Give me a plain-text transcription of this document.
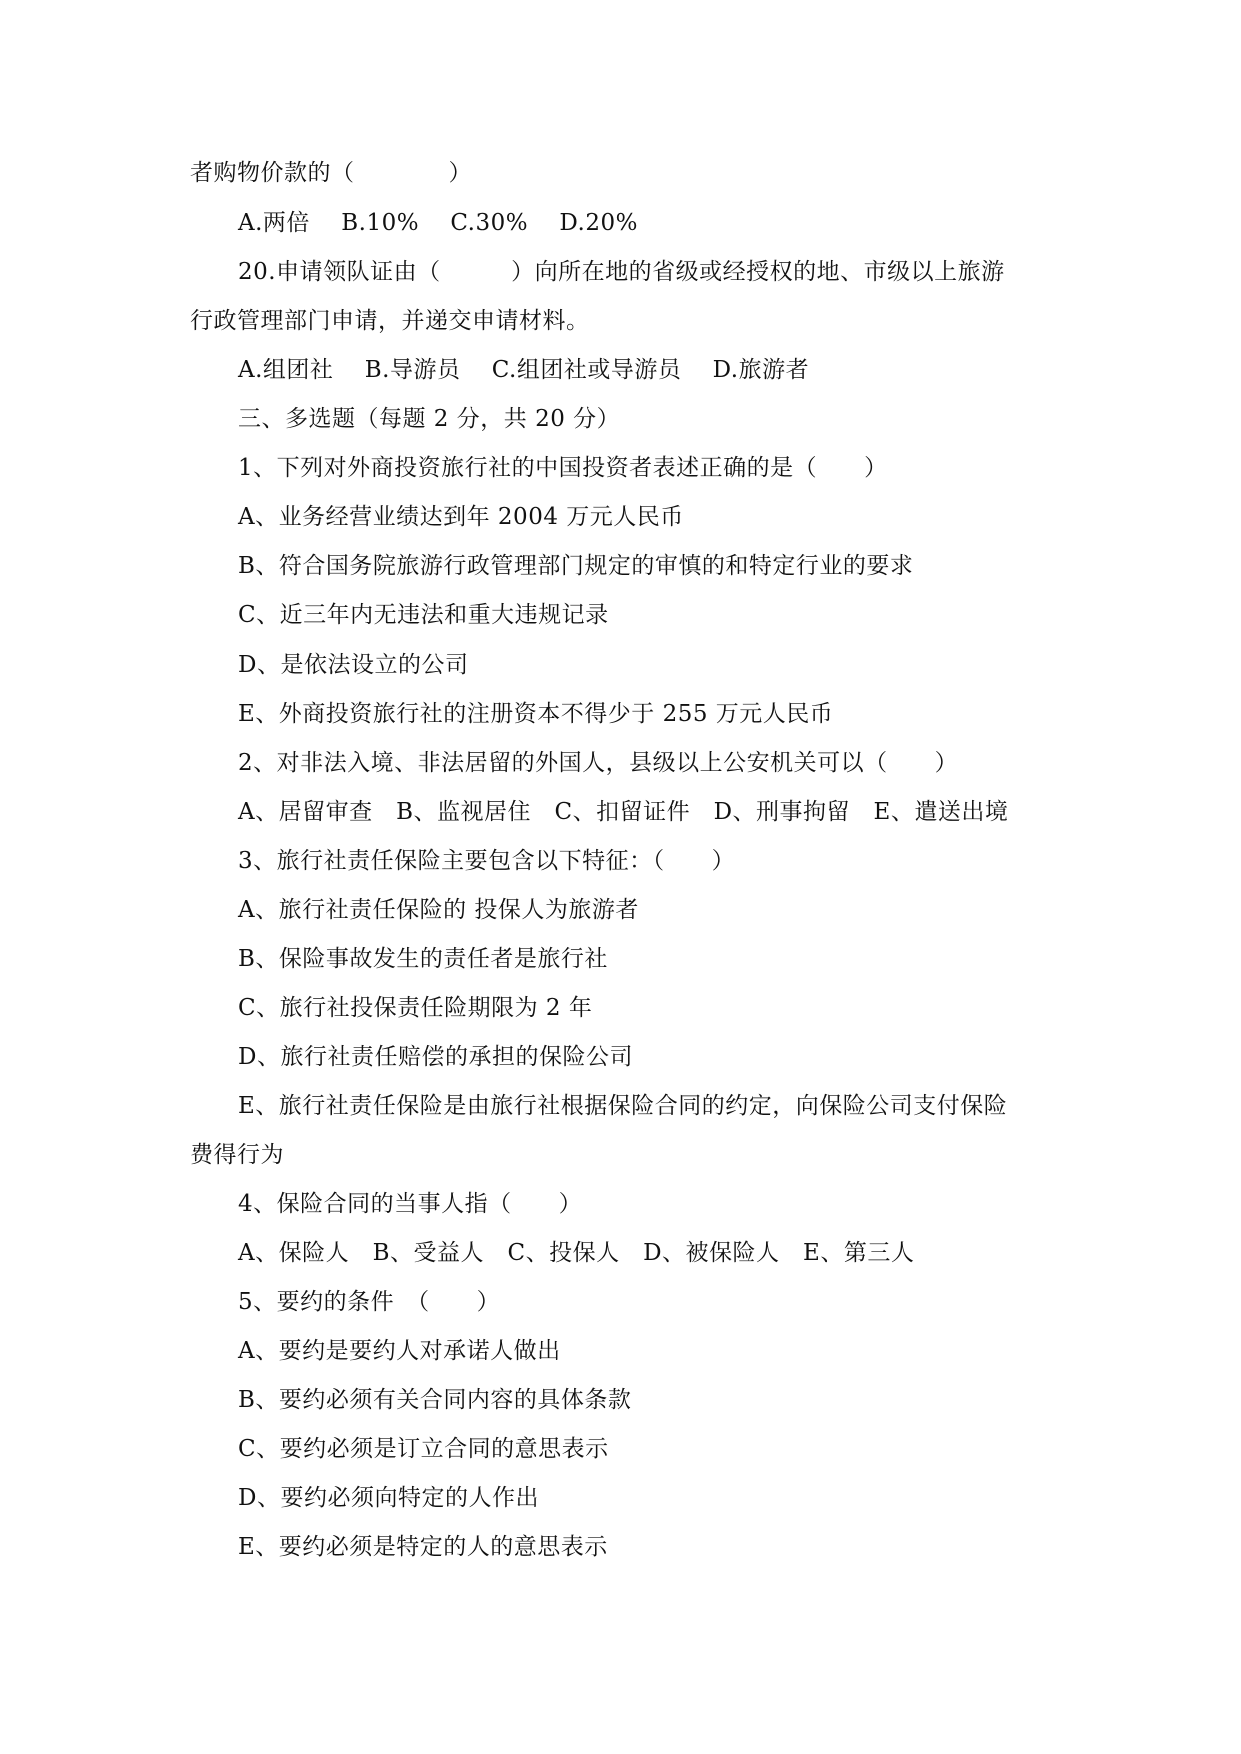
者购物价款的（　　　　）
A.两倍　 B.10%　 C.30%　 D.20%
20.申请领队证由（　　　）向所在地的省级或经授权的地、市级以上旅游
行政管理部门申请，并递交申请材料。
A.组团社　 B.导游员　 C.组团社或导游员　 D.旅游者
三、多选题（每题 2 分，共 20 分）
1、下列对外商投资旅行社的中国投资者表述正确的是（　　）
A、业务经营业绩达到年 2004 万元人民币
B、符合国务院旅游行政管理部门规定的审慎的和特定行业的要求
C、近三年内无违法和重大违规记录
D、是依法设立的公司
E、外商投资旅行社的注册资本不得少于 255 万元人民币
2、对非法入境、非法居留的外国人，县级以上公安机关可以（　　）
A、居留审查　B、监视居住　C、扣留证件　D、刑事拘留　E、遣送出境
3、旅行社责任保险主要包含以下特征：（　　）
A、旅行社责任保险的 投保人为旅游者
B、保险事故发生的责任者是旅行社
C、旅行社投保责任险期限为 2 年
D、旅行社责任赔偿的承担的保险公司
E、旅行社责任保险是由旅行社根据保险合同的约定，向保险公司支付保险
费得行为
4、保险合同的当事人指（　　）
A、保险人　B、受益人　C、投保人　D、被保险人　E、第三人
5、要约的条件　（　　）
A、要约是要约人对承诺人做出
B、要约必须有关合同内容的具体条款
C、要约必须是订立合同的意思表示
D、要约必须向特定的人作出
E、要约必须是特定的人的意思表示
